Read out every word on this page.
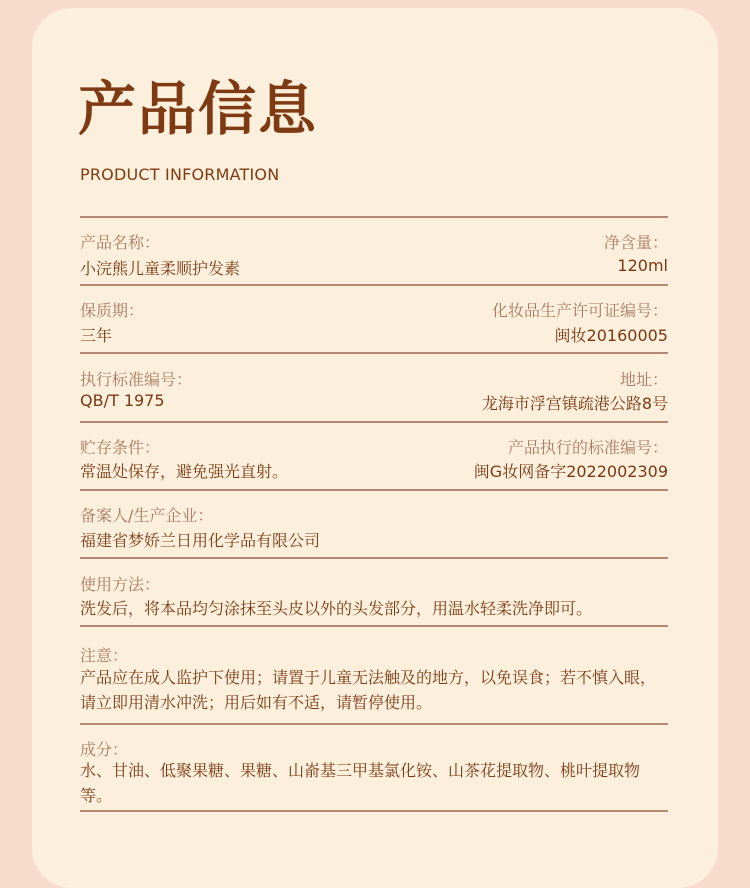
产品信息
PRODUCT INFORMATION
产品名称：
小浣熊儿童柔顺护发素
净含量：
120ml
保质期：
三年
化妆品生产许可证编号：
闽妆20160005
执行标准编号：
QB/T 1975
地址：
龙海市浮宫镇疏港公路8号
贮存条件：
常温处保存，避免强光直射。
产品执行的标准编号：
闽G妆网备字2022002309
备案人/生产企业：
福建省梦娇兰日用化学品有限公司
使用方法：
洗发后，将本品均匀涂抹至头皮以外的头发部分，用温水轻柔洗净即可。
注意：
产品应在成人监护下使用；请置于儿童无法触及的地方，以免误食；若不慎入眼，请立即用清水冲洗；用后如有不适，请暂停使用。
成分：
水、甘油、低聚果糖、果糖、山嵛基三甲基氯化铵、山茶花提取物、桃叶提取物等。
